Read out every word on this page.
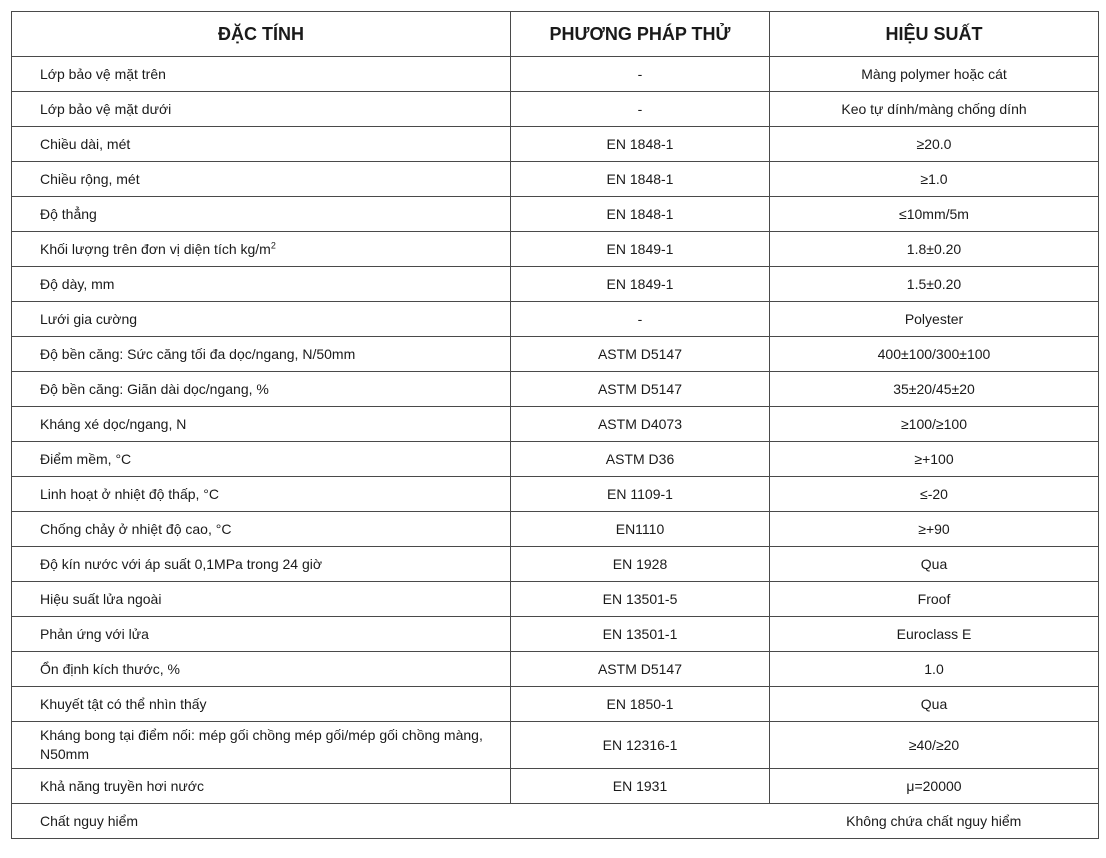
ĐẶC TÍNH	PHƯƠNG PHÁP THỬ	HIỆU SUẤT
Lớp bảo vệ mặt trên	-	Màng polymer hoặc cát
Lớp bảo vệ mặt dưới	-	Keo tự dính/màng chống dính
Chiều dài, mét	EN 1848-1	≥20.0
Chiều rộng, mét	EN 1848-1	≥1.0
Độ thẳng	EN 1848-1	≤10mm/5m
Khối lượng trên đơn vị diện tích $kg/m^2$	EN 1849-1	1.8±0.20
Độ dày, mm	EN 1849-1	1.5±0.20
Lưới gia cường	-	Polyester
Độ bền căng: Sức căng tối đa dọc/ngang, N/50mm	ASTM D5147	400±100/300±100
Độ bền căng: Giãn dài dọc/ngang, %	ASTM D5147	35±20/45±20
Kháng xé dọc/ngang, N	ASTM D4073	≥100/≥100
Điểm mềm, °C	ASTM D36	≥+100
Linh hoạt ở nhiệt độ thấp, °C	EN 1109-1	≤-20
Chống chảy ở nhiệt độ cao, °C	EN1110	≥+90
Độ kín nước với áp suất 0,1MPa trong 24 giờ	EN 1928	Qua
Hiệu suất lửa ngoài	EN 13501-5	Froof
Phản ứng với lửa	EN 13501-1	Euroclass E
Ổn định kích thước, %	ASTM D5147	1.0
Khuyết tật có thể nhìn thấy	EN 1850-1	Qua
Kháng bong tại điểm nối: mép gối chồng mép gối/mép gối chồng màng, N50mm	EN 12316-1	≥40/≥20
Khả năng truyền hơi nước	EN 1931	μ=20000
Chất nguy hiểm		Không chứa chất nguy hiểm
